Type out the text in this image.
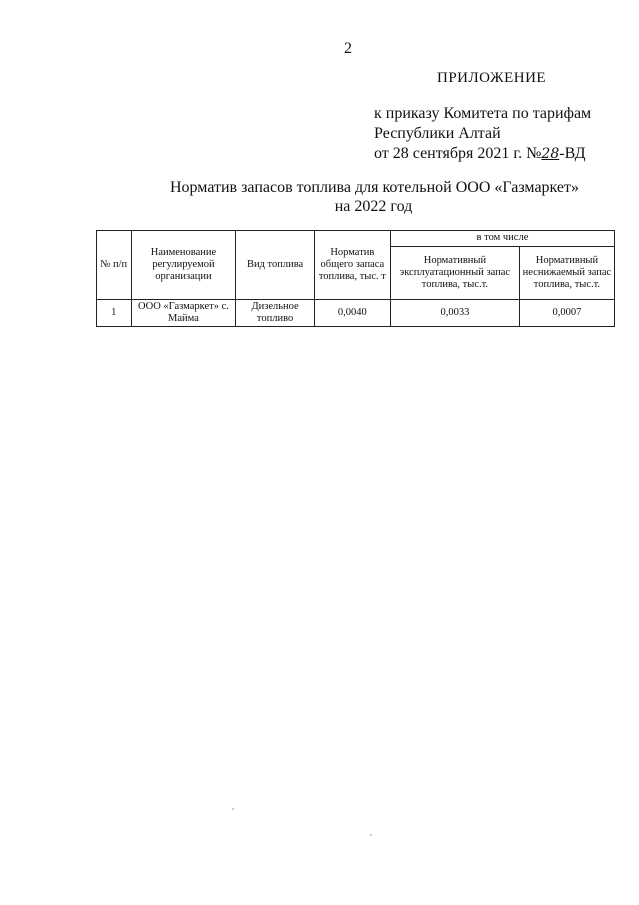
2
ПРИЛОЖЕНИЕ
к приказу Комитета по тарифам
Республики Алтай
от 28 сентября 2021 г. №28-ВД
Норматив запасов топлива для котельной ООО «Газмаркет»
на 2022 год
№ п/п	Наименование регулируемой организации	Вид топлива	Норматив общего запаса топлива, тыс. т	в том числе	
				Нормативный эксплуатационный запас топлива, тыс.т.	Нормативный неснижаемый запас топлива, тыс.т.
1	ООО «Газмаркет» с. Майма	Дизельное топливо	0,0040	0,0033	0,0007
